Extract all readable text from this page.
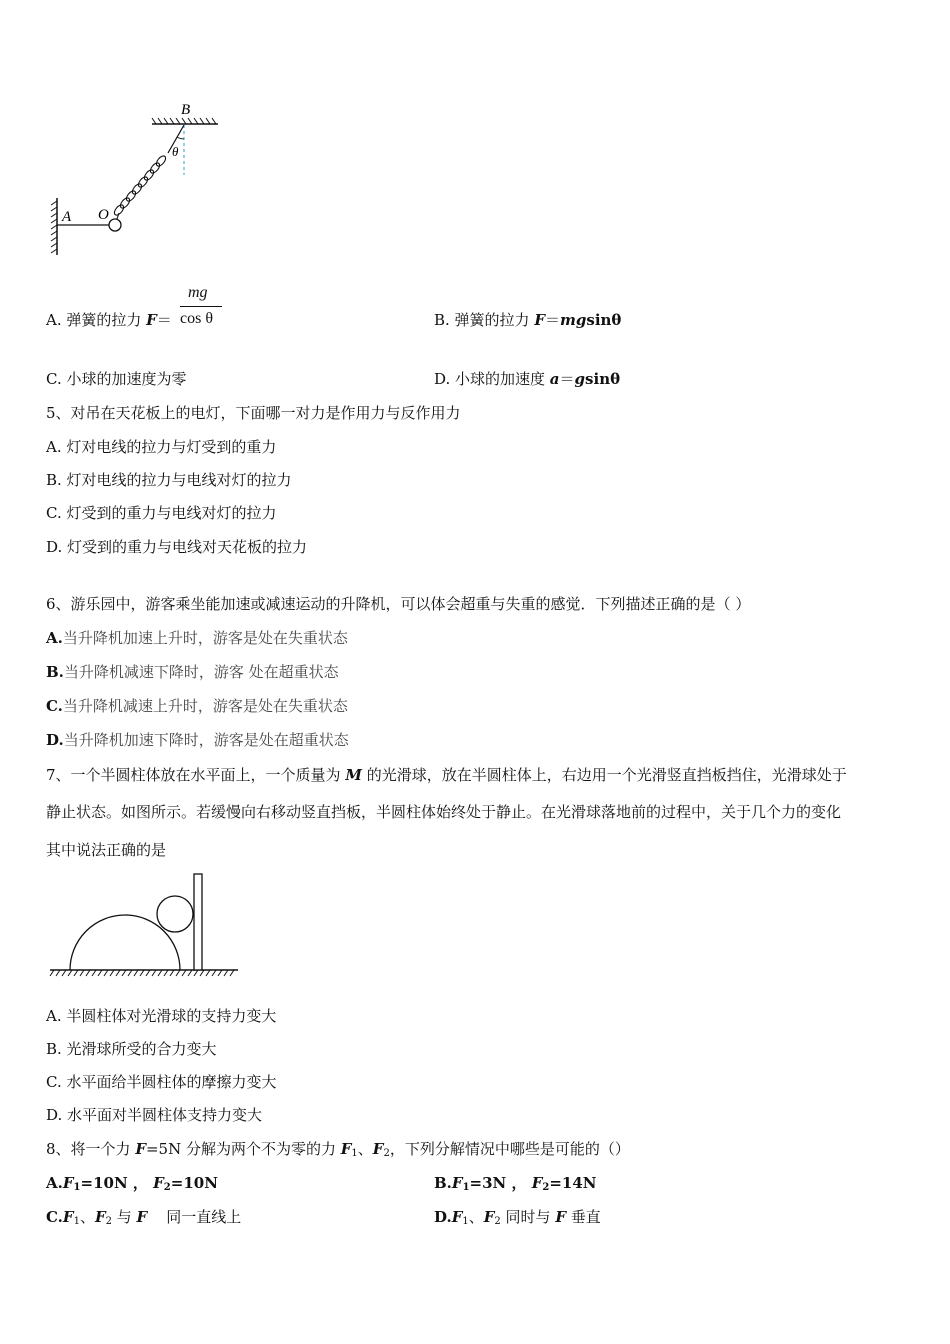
B
θ
A O
A. 弹簧的拉力 F＝
mg
cos θ	B. 弹簧的拉力 F＝mgsinθ
C. 小球的加速度为零	D. 小球的加速度 a＝gsinθ
5、对吊在天花板上的电灯，下面哪一对力是作用力与反作用力
A. 灯对电线的拉力与灯受到的重力
B. 灯对电线的拉力与电线对灯的拉力
C. 灯受到的重力与电线对灯的拉力
D. 灯受到的重力与电线对天花板的拉力
6、游乐园中，游客乘坐能加速或减速运动的升降机，可以体会超重与失重的感觉．下列描述正确的是（ ）
A.当升降机加速上升时，游客是处在失重状态
B.当升降机减速下降时，游客 处在超重状态
C.当升降机减速上升时，游客是处在失重状态
D.当升降机加速下降时，游客是处在超重状态
7、一个半圆柱体放在水平面上，一个质量为 M 的光滑球，放在半圆柱体上，右边用一个光滑竖直挡板挡住，光滑球处于
静止状态。如图所示。若缓慢向右移动竖直挡板，半圆柱体始终处于静止。在光滑球落地前的过程中，关于几个力的变化
其中说法正确的是
A. 半圆柱体对光滑球的支持力变大
B. 光滑球所受的合力变大
C. 水平面给半圆柱体的摩擦力变大
D. 水平面对半圆柱体支持力变大
8、将一个力 F=5N 分解为两个不为零的力 $F_1$、$F_2$，下列分解情况中哪些是可能的（）
$A.F_1=10N$ ， $F_2=10N$	$B.F_1=3N$ ， $F_2=14N$
$C.F_1$、$F_2$ 与 F    同一直线上	$D.F_1$、$F_2$ 同时与 F 垂直
